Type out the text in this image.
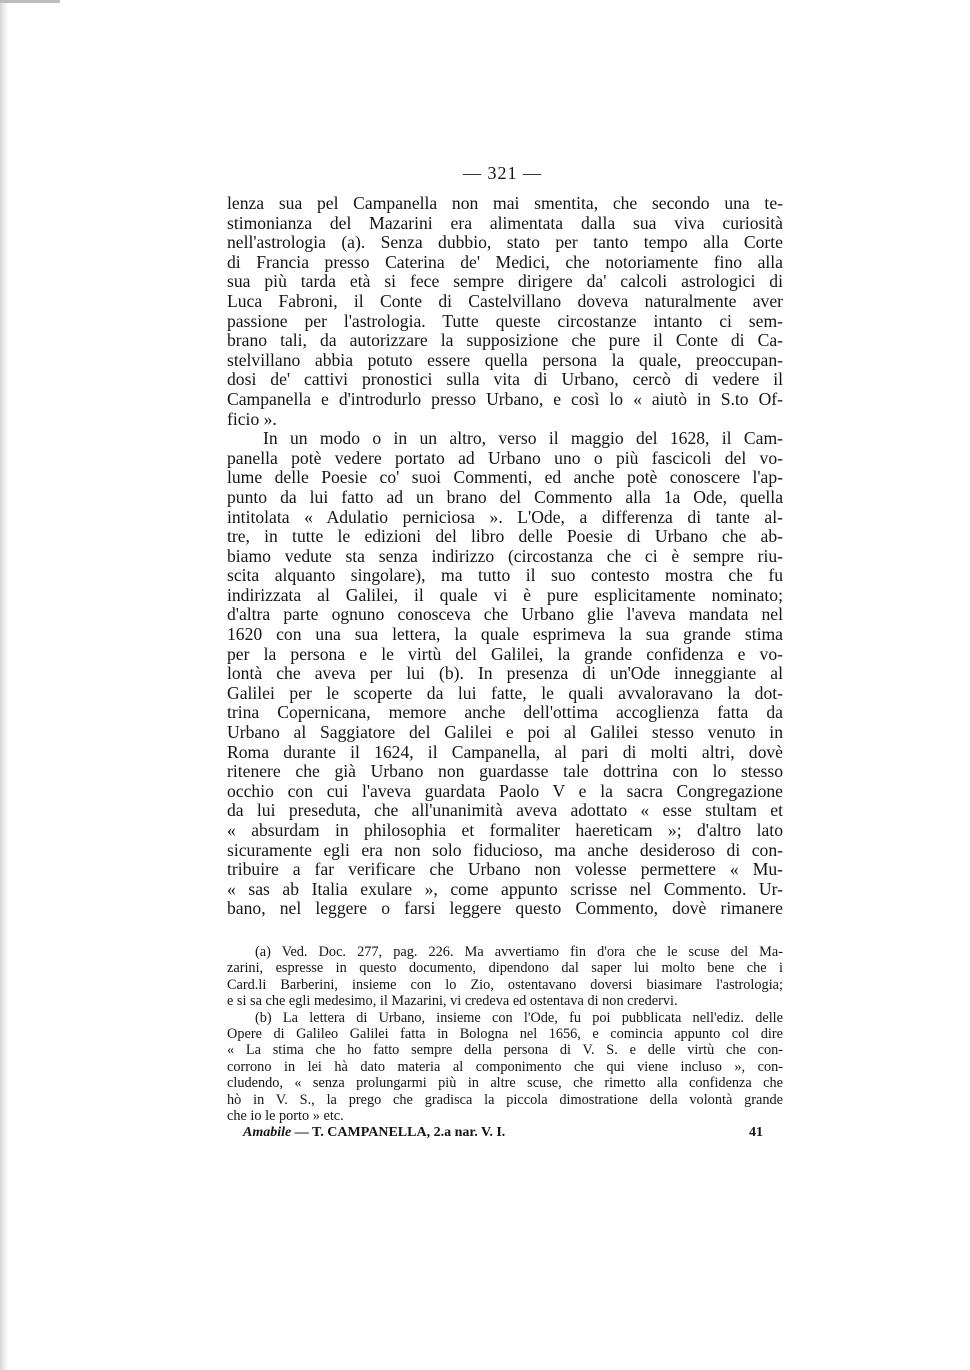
— 321 —
lenza sua pel Campanella non mai smentita, che secondo una te-
stimonianza del Mazarini era alimentata dalla sua viva curiosità
nell'astrologia (a). Senza dubbio, stato per tanto tempo alla Corte
di Francia presso Caterina de' Medici, che notoriamente fino alla
sua più tarda età si fece sempre dirigere da' calcoli astrologici di
Luca Fabroni, il Conte di Castelvillano doveva naturalmente aver
passione per l'astrologia. Tutte queste circostanze intanto ci sem-
brano tali, da autorizzare la supposizione che pure il Conte di Ca-
stelvillano abbia potuto essere quella persona la quale, preoccupan-
dosi de' cattivi pronostici sulla vita di Urbano, cercò di vedere il
Campanella e d'introdurlo presso Urbano, e così lo « aiutò in S.to Of-
ficio ».
In un modo o in un altro, verso il maggio del 1628, il Cam-
panella potè vedere portato ad Urbano uno o più fascicoli del vo-
lume delle Poesie co' suoi Commenti, ed anche potè conoscere l'ap-
punto da lui fatto ad un brano del Commento alla 1a Ode, quella
intitolata « Adulatio perniciosa ». L'Ode, a differenza di tante al-
tre, in tutte le edizioni del libro delle Poesie di Urbano che ab-
biamo vedute sta senza indirizzo (circostanza che ci è sempre riu-
scita alquanto singolare), ma tutto il suo contesto mostra che fu
indirizzata al Galilei, il quale vi è pure esplicitamente nominato;
d'altra parte ognuno conosceva che Urbano glie l'aveva mandata nel
1620 con una sua lettera, la quale esprimeva la sua grande stima
per la persona e le virtù del Galilei, la grande confidenza e vo-
lontà che aveva per lui (b). In presenza di un'Ode inneggiante al
Galilei per le scoperte da lui fatte, le quali avvaloravano la dot-
trina Copernicana, memore anche dell'ottima accoglienza fatta da
Urbano al Saggiatore del Galilei e poi al Galilei stesso venuto in
Roma durante il 1624, il Campanella, al pari di molti altri, dovè
ritenere che già Urbano non guardasse tale dottrina con lo stesso
occhio con cui l'aveva guardata Paolo V e la sacra Congregazione
da lui preseduta, che all'unanimità aveva adottato « esse stultam et
« absurdam in philosophia et formaliter haereticam »; d'altro lato
sicuramente egli era non solo fiducioso, ma anche desideroso di con-
tribuire a far verificare che Urbano non volesse permettere « Mu-
« sas ab Italia exulare », come appunto scrisse nel Commento. Ur-
bano, nel leggere o farsi leggere questo Commento, dovè rimanere
(a) Ved. Doc. 277, pag. 226. Ma avvertiamo fin d'ora che le scuse del Ma-
zarini, espresse in questo documento, dipendono dal saper lui molto bene che i
Card.li Barberini, insieme con lo Zio, ostentavano doversi biasimare l'astrologia;
e si sa che egli medesimo, il Mazarini, vi credeva ed ostentava di non credervi.
(b) La lettera di Urbano, insieme con l'Ode, fu poi pubblicata nell'ediz. delle
Opere di Galileo Galilei fatta in Bologna nel 1656, e comincia appunto col dire
« La stima che ho fatto sempre della persona di V. S. e delle virtù che con-
corrono in lei hà dato materia al componimento che qui viene incluso », con-
cludendo, « senza prolungarmi più in altre scuse, che rimetto alla confidenza che
hò in V. S., la prego che gradisca la piccola dimostratione della volontà grande
che io le porto » etc.
Amabile — T. CAMPANELLA, 2.a nar. V. I.	41
